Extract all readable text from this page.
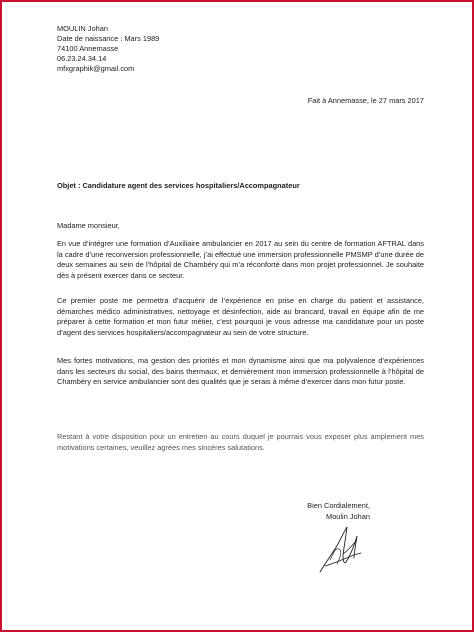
MOULIN Johan
Date de naissance : Mars 1989
74100 Annemasse
06.23.24.34.14
mfxgraphik@gmail.com
Fait à Annemasse, le 27 mars 2017
Objet : Candidature agent des services hospitaliers/Accompagnateur
Madame monsieur,

En vue d’intégrer une formation d’Auxiliaire ambulancier en 2017 au sein du centre de formation AFTRAL dans la cadre d’une reconversion professionnelle, j’ai effectué une immersion professionnelle PMSMP d’une durée de deux semaines au sein de l’hôpital de Chambéry qui m’a réconforté dans mon projet professionnel. Je souhaite dès à présent exercer dans ce secteur.

Ce premier poste me permettra d’acquérir de l’expérience en prise en charge du patient et assistance, démarches médico administratives, nettoyage et désinfection, aide au brancard, travail en équipe afin de me préparer à cette formation et mon futur métier, c’est pourquoi je vous adresse ma candidature pour un poste d’agent des services hospitaliers/accompagnateur au sein de votre structure.

Mes fortes motivations, ma gestion des priorités et mon dynamisme ainsi que ma polyvalence d’expériences dans les secteurs du social, des bains thermaux, et dernièrement mon immersion professionnelle à l’hôpital de Chambéry en service ambulancier sont des qualités que je serais à même d’exercer dans mon futur poste.

Restant à votre disposition pour un entretien au cours duquel je pourrais vous exposer plus amplement mes motivations certaines, veuillez agrées mes sincères salutations.

Bien Cordialement,
Moulin Johan
